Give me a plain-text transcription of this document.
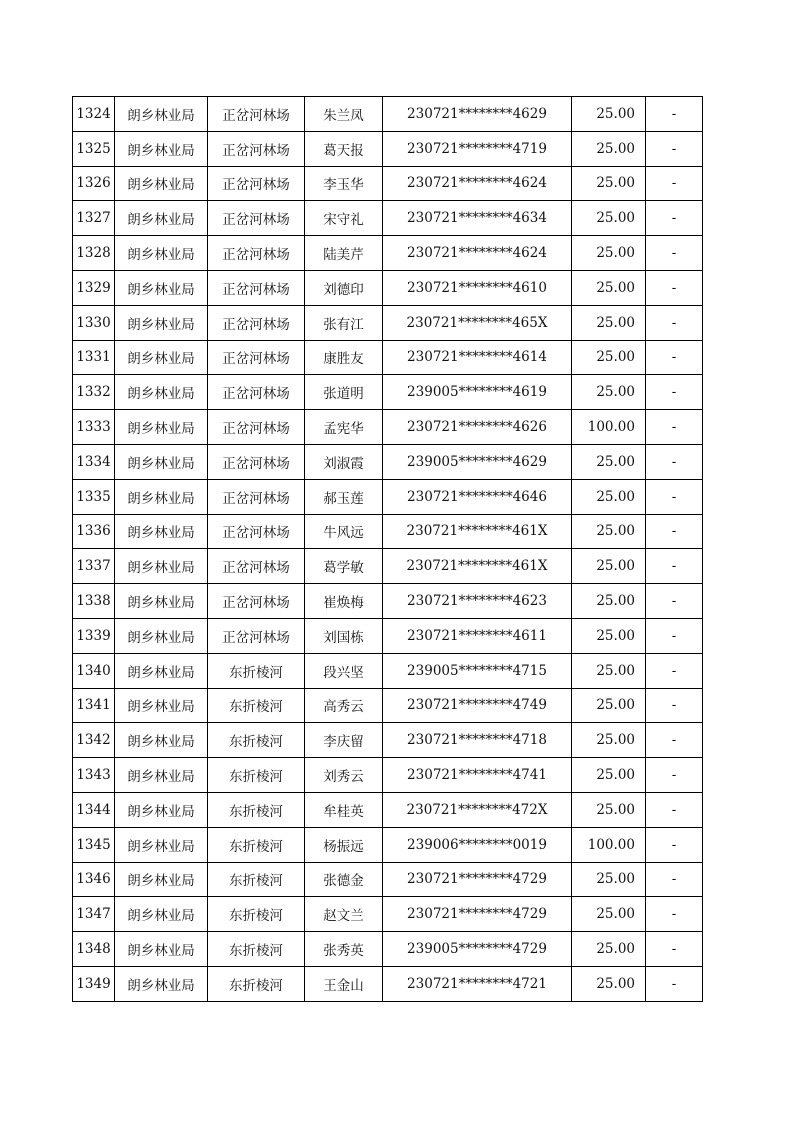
1324	朗乡林业局	正岔河林场	朱兰凤	230721********4629	25.00	-
1325	朗乡林业局	正岔河林场	葛天报	230721********4719	25.00	-
1326	朗乡林业局	正岔河林场	李玉华	230721********4624	25.00	-
1327	朗乡林业局	正岔河林场	宋守礼	230721********4634	25.00	-
1328	朗乡林业局	正岔河林场	陆美芹	230721********4624	25.00	-
1329	朗乡林业局	正岔河林场	刘德印	230721********4610	25.00	-
1330	朗乡林业局	正岔河林场	张有江	230721********465X	25.00	-
1331	朗乡林业局	正岔河林场	康胜友	230721********4614	25.00	-
1332	朗乡林业局	正岔河林场	张道明	239005********4619	25.00	-
1333	朗乡林业局	正岔河林场	孟宪华	230721********4626	100.00	-
1334	朗乡林业局	正岔河林场	刘淑霞	239005********4629	25.00	-
1335	朗乡林业局	正岔河林场	郝玉莲	230721********4646	25.00	-
1336	朗乡林业局	正岔河林场	牛风远	230721********461X	25.00	-
1337	朗乡林业局	正岔河林场	葛学敏	230721********461X	25.00	-
1338	朗乡林业局	正岔河林场	崔焕梅	230721********4623	25.00	-
1339	朗乡林业局	正岔河林场	刘国栋	230721********4611	25.00	-
1340	朗乡林业局	东折棱河	段兴坚	239005********4715	25.00	-
1341	朗乡林业局	东折棱河	高秀云	230721********4749	25.00	-
1342	朗乡林业局	东折棱河	李庆留	230721********4718	25.00	-
1343	朗乡林业局	东折棱河	刘秀云	230721********4741	25.00	-
1344	朗乡林业局	东折棱河	牟桂英	230721********472X	25.00	-
1345	朗乡林业局	东折棱河	杨振远	239006********0019	100.00	-
1346	朗乡林业局	东折棱河	张德金	230721********4729	25.00	-
1347	朗乡林业局	东折棱河	赵文兰	230721********4729	25.00	-
1348	朗乡林业局	东折棱河	张秀英	239005********4729	25.00	-
1349	朗乡林业局	东折棱河	王金山	230721********4721	25.00	-
